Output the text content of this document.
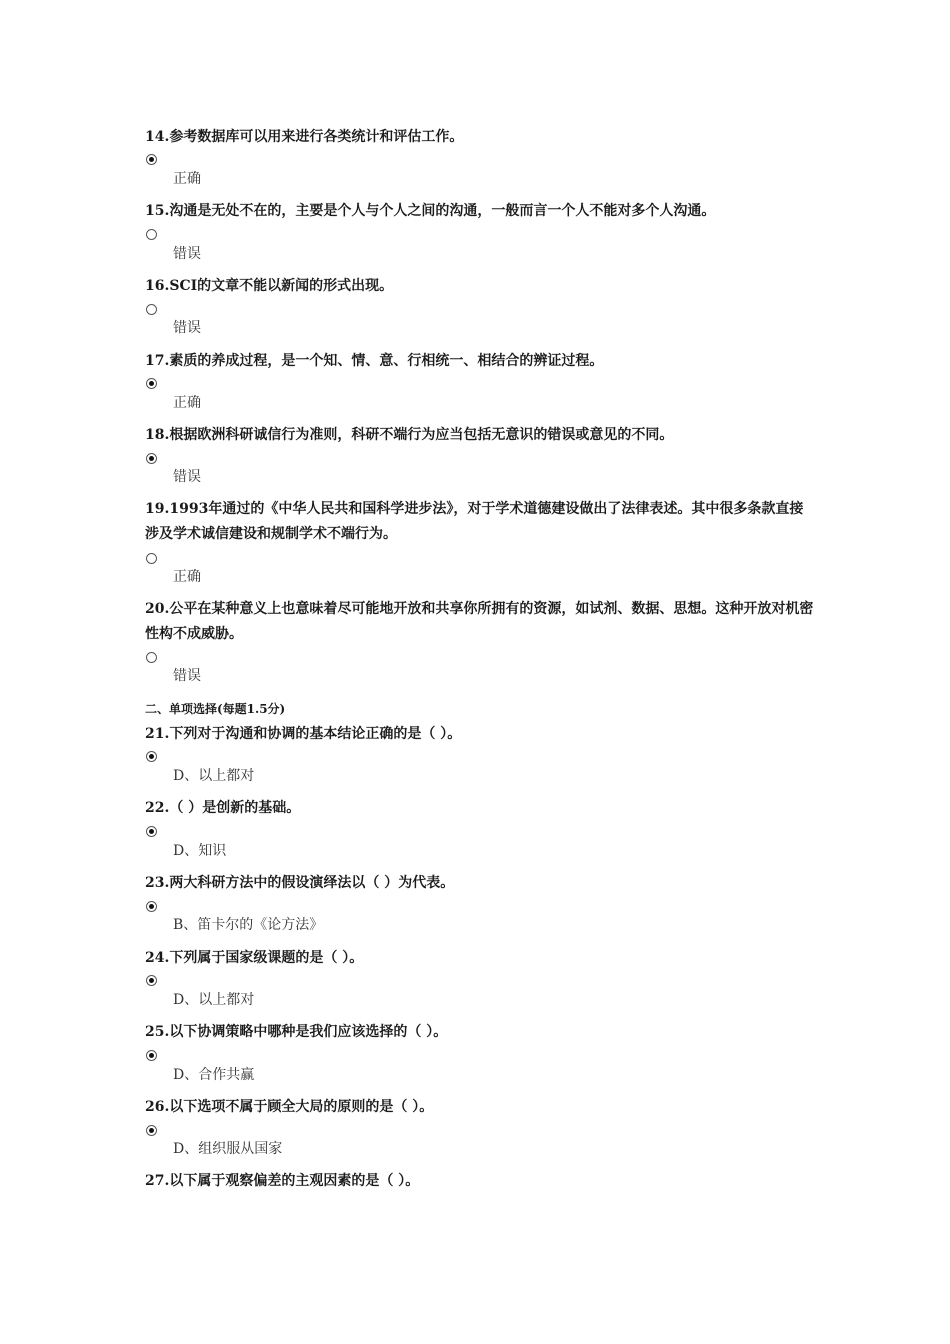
14.参考数据库可以用来进行各类统计和评估工作。

正确

15.沟通是无处不在的，主要是个人与个人之间的沟通，一般而言一个人不能对多个人沟通。

错误

16.SCI的文章不能以新闻的形式出现。

错误

17.素质的养成过程，是一个知、情、意、行相统一、相结合的辨证过程。

正确

18.根据欧洲科研诚信行为准则，科研不端行为应当包括无意识的错误或意见的不同。

错误

19.1993年通过的《中华人民共和国科学进步法》，对于学术道德建设做出了法律表述。其中很多条款直接涉及学术诚信建设和规制学术不端行为。

正确

20.公平在某种意义上也意味着尽可能地开放和共享你所拥有的资源，如试剂、数据、思想。这种开放对机密性构不成威胁。

错误

二、单项选择(每题1.5分)

21.下列对于沟通和协调的基本结论正确的是（ ）。

D、以上都对

22.（ ）是创新的基础。

D、知识

23.两大科研方法中的假设演绎法以（ ）为代表。

B、笛卡尔的《论方法》

24.下列属于国家级课题的是（ ）。

D、以上都对

25.以下协调策略中哪种是我们应该选择的（ ）。

D、合作共赢

26.以下选项不属于顾全大局的原则的是（ ）。

D、组织服从国家

27.以下属于观察偏差的主观因素的是（ ）。
